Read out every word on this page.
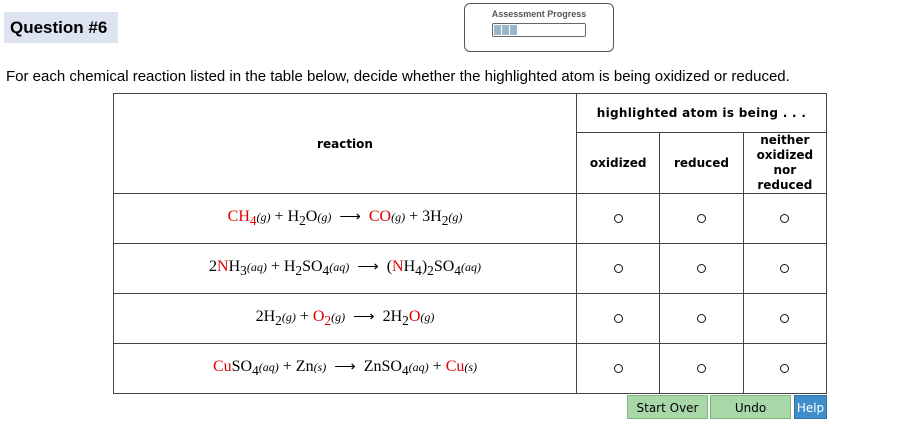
Question #6
Assessment Progress
For each chemical reaction listed in the table below, decide whether the highlighted atom is being oxidized or reduced.
reaction	highlighted atom is being . . .		
	oxidized	reduced	neither
oxidized nor
reduced
$CH_4(g) + H_2O(g)$ ⟶ $CO(g) + 3H_2(g)$			
$2NH_3(aq) + H_2SO_4(aq)$ ⟶ $(NH_4)_2SO_4(aq)$			
$2H_2(g) + O_2(g)$ ⟶ $2H_2O(g)$			
CuSO$_4$(aq) + Zn(s) ⟶ ZnSO$_4$(aq) + Cu(s)			
Start Over	Undo	Help
